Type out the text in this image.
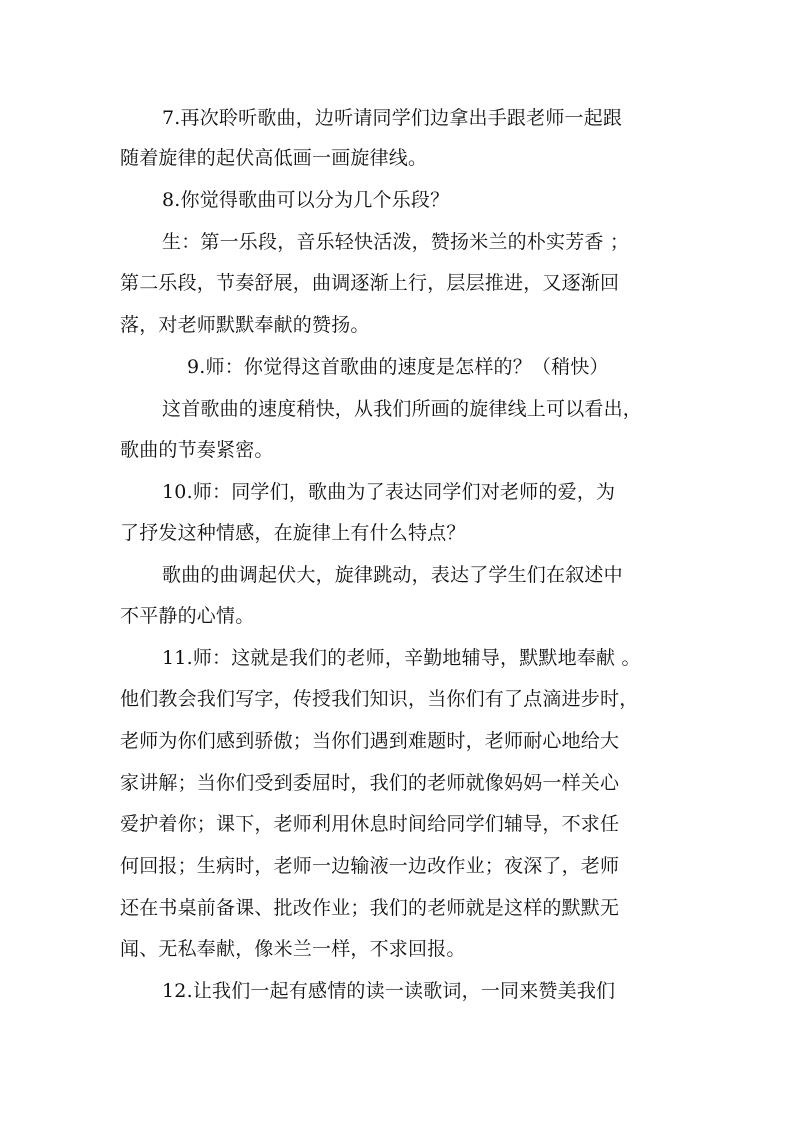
7.再次聆听歌曲，边听请同学们边拿出手跟老师一起跟
随着旋律的起伏高低画一画旋律线。
8.你觉得歌曲可以分为几个乐段？
生：第一乐段，音乐轻快活泼，赞扬米兰的朴实芳香 ；
第二乐段，节奏舒展，曲调逐渐上行，层层推进，又逐渐回
落，对老师默默奉献的赞扬。
9.师：你觉得这首歌曲的速度是怎样的？（稍快）
这首歌曲的速度稍快，从我们所画的旋律线上可以看出，
歌曲的节奏紧密。
10.师：同学们，歌曲为了表达同学们对老师的爱，为
了抒发这种情感，在旋律上有什么特点？
歌曲的曲调起伏大，旋律跳动，表达了学生们在叙述中
不平静的心情。
11.师：这就是我们的老师，辛勤地辅导，默默地奉献 。
他们教会我们写字，传授我们知识，当你们有了点滴进步时，
老师为你们感到骄傲；当你们遇到难题时，老师耐心地给大
家讲解；当你们受到委屈时，我们的老师就像妈妈一样关心
爱护着你；课下，老师利用休息时间给同学们辅导，不求任
何回报；生病时，老师一边输液一边改作业；夜深了，老师
还在书桌前备课、批改作业；我们的老师就是这样的默默无
闻、无私奉献，像米兰一样，不求回报。
12.让我们一起有感情的读一读歌词，一同来赞美我们
